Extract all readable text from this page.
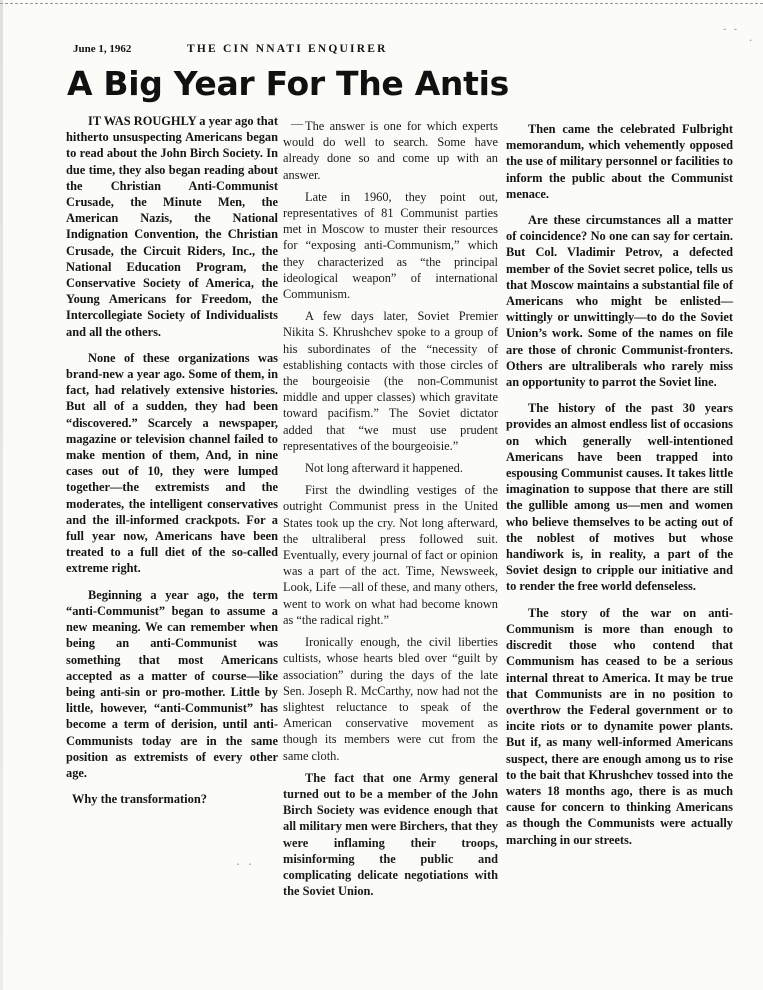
‑ ‑
.
June 1, 1962	THE CIN NNATI ENQUIRER
A Big Year For The Antis

IT WAS ROUGHLY a year ago that hitherto unsuspecting Americans began to read about the John Birch Society. In due time, they also began reading about the Christian Anti-Communist Crusade, the Minute Men, the American Nazis, the National Indignation Convention, the Christian Crusade, the Circuit Riders, Inc., the National Education Program, the Conservative Society of America, the Young Americans for Freedom, the Intercollegiate Society of Individualists and all the others.

None of these organizations was brand-new a year ago. Some of them, in fact, had relatively extensive histories. But all of a sudden, they had been “discovered.” Scarcely a newspaper, magazine or television channel failed to make mention of them, And, in nine cases out of 10, they were lumped together—the extremists and the moderates, the intelligent conservatives and the ill-informed crackpots. For a full year now, Americans have been treated to a full diet of the so-called extreme right.

Beginning a year ago, the term “anti-Communist” began to assume a new meaning. We can remember when being an anti-Communist was something that most Americans accepted as a matter of course—like being anti-sin or pro-mother. Little by little, however, “anti-Communist” has become a term of derision, until anti-Communists today are in the same position as extremists of every other age.

Why the transformation?

— The answer is one for which experts would do well to search. Some have already done so and come up with an answer.

Late in 1960, they point out, representatives of 81 Communist parties met in Moscow to muster their resources for “exposing anti-Communism,” which they characterized as “the principal ideological weapon” of international Communism.

A few days later, Soviet Premier Nikita S. Khrushchev spoke to a group of his subordinates of the “necessity of establishing contacts with those circles of the bourgeoisie (the non-Communist middle and upper classes) which gravitate toward pacifism.” The Soviet dictator added that “we must use prudent representatives of the bourgeoisie.”

Not long afterward it happened.

First the dwindling vestiges of the outright Communist press in the United States took up the cry. Not long afterward, the ultraliberal press followed suit. Eventually, every journal of fact or opinion was a part of the act. Time, Newsweek, Look, Life —all of these, and many others, went to work on what had become known as “the radical right.”

Ironically enough, the civil liberties cultists, whose hearts bled over “guilt by association” during the days of the late Sen. Joseph R. McCarthy, now had not the slightest reluctance to speak of the American conservative movement as though its members were cut from the same cloth.

The fact that one Army general turned out to be a member of the John Birch Society was evidence enough that all military men were Birchers, that they were inflaming their troops, misinforming the public and complicating delicate negotiations with the Soviet Union.

· ·

Then came the celebrated Fulbright memorandum, which vehemently opposed the use of military personnel or facilities to inform the public about the Communist menace.

Are these circumstances all a matter of coincidence? No one can say for certain. But Col. Vladimir Petrov, a defected member of the Soviet secret police, tells us that Moscow maintains a substantial file of Americans who might be enlisted—wittingly or unwittingly—to do the Soviet Union’s work. Some of the names on file are those of chronic Communist-fronters. Others are ultraliberals who rarely miss an opportunity to parrot the Soviet line.

The history of the past 30 years provides an almost endless list of occasions on which generally well-intentioned Americans have been trapped into espousing Communist causes. It takes little imagination to suppose that there are still the gullible among us—men and women who believe themselves to be acting out of the noblest of motives but whose handiwork is, in reality, a part of the Soviet design to cripple our initiative and to render the free world defenseless.

The story of the war on anti-Communism is more than enough to discredit those who contend that Communism has ceased to be a serious internal threat to America. It may be true that Communists are in no position to overthrow the Federal government or to incite riots or to dynamite power plants. But if, as many well-informed Americans suspect, there are enough among us to rise to the bait that Khrushchev tossed into the waters 18 months ago, there is as much cause for concern to thinking Americans as though the Communists were actually marching in our streets.
